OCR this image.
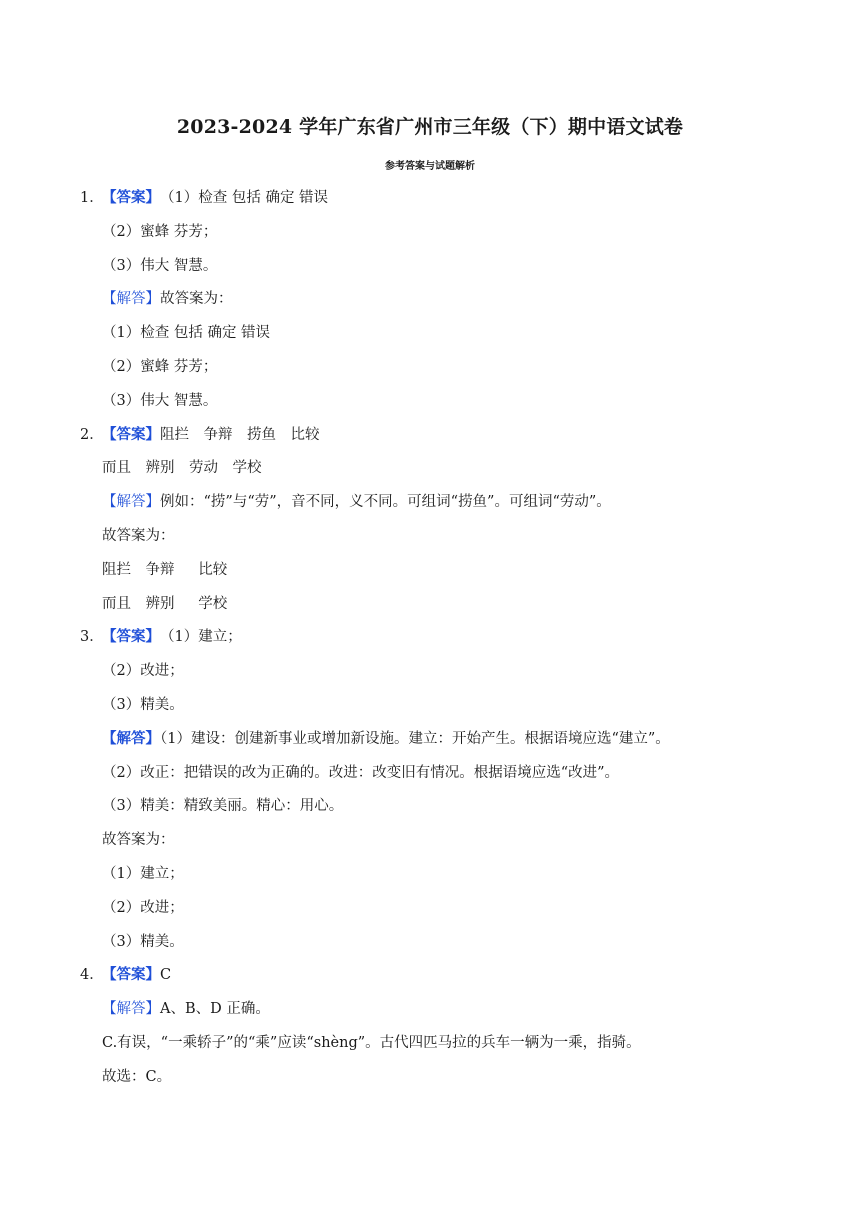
2023-2024 学年广东省广州市三年级（下）期中语文试卷
参考答案与试题解析
1．
【答案】 （1）检查 包括 确定 错误
（2）蜜蜂 芬芳；
（3）伟大 智慧。
【解答】故答案为：
（1）检查 包括 确定 错误
（2）蜜蜂 芬芳；
（3）伟大 智慧。
2．
【答案】 阻拦　争辩　捞鱼　比较
而且　辨别　劳动　学校
【解答】例如：“捞”与“劳”，音不同，义不同。可组词“捞鱼”。可组词“劳动”。
故答案为：
阻拦　争辩　  比较
而且　辨别　  学校
3．
【答案】 （1）建立；
（2）改进；
（3）精美。
【解答】（1）建设：创建新事业或增加新设施。建立：开始产生。根据语境应选“建立”。
（2）改正：把错误的改为正确的。改进：改变旧有情况。根据语境应选“改进”。
（3）精美：精致美丽。精心：用心。
故答案为：
（1）建立；
（2）改进；
（3）精美。
4．
【答案】 C
【解答】A、B、D 正确。
C.有误，“一乘轿子”的“乘”应读“shèng”。古代四匹马拉的兵车一辆为一乘，指骑。
故选：C。
